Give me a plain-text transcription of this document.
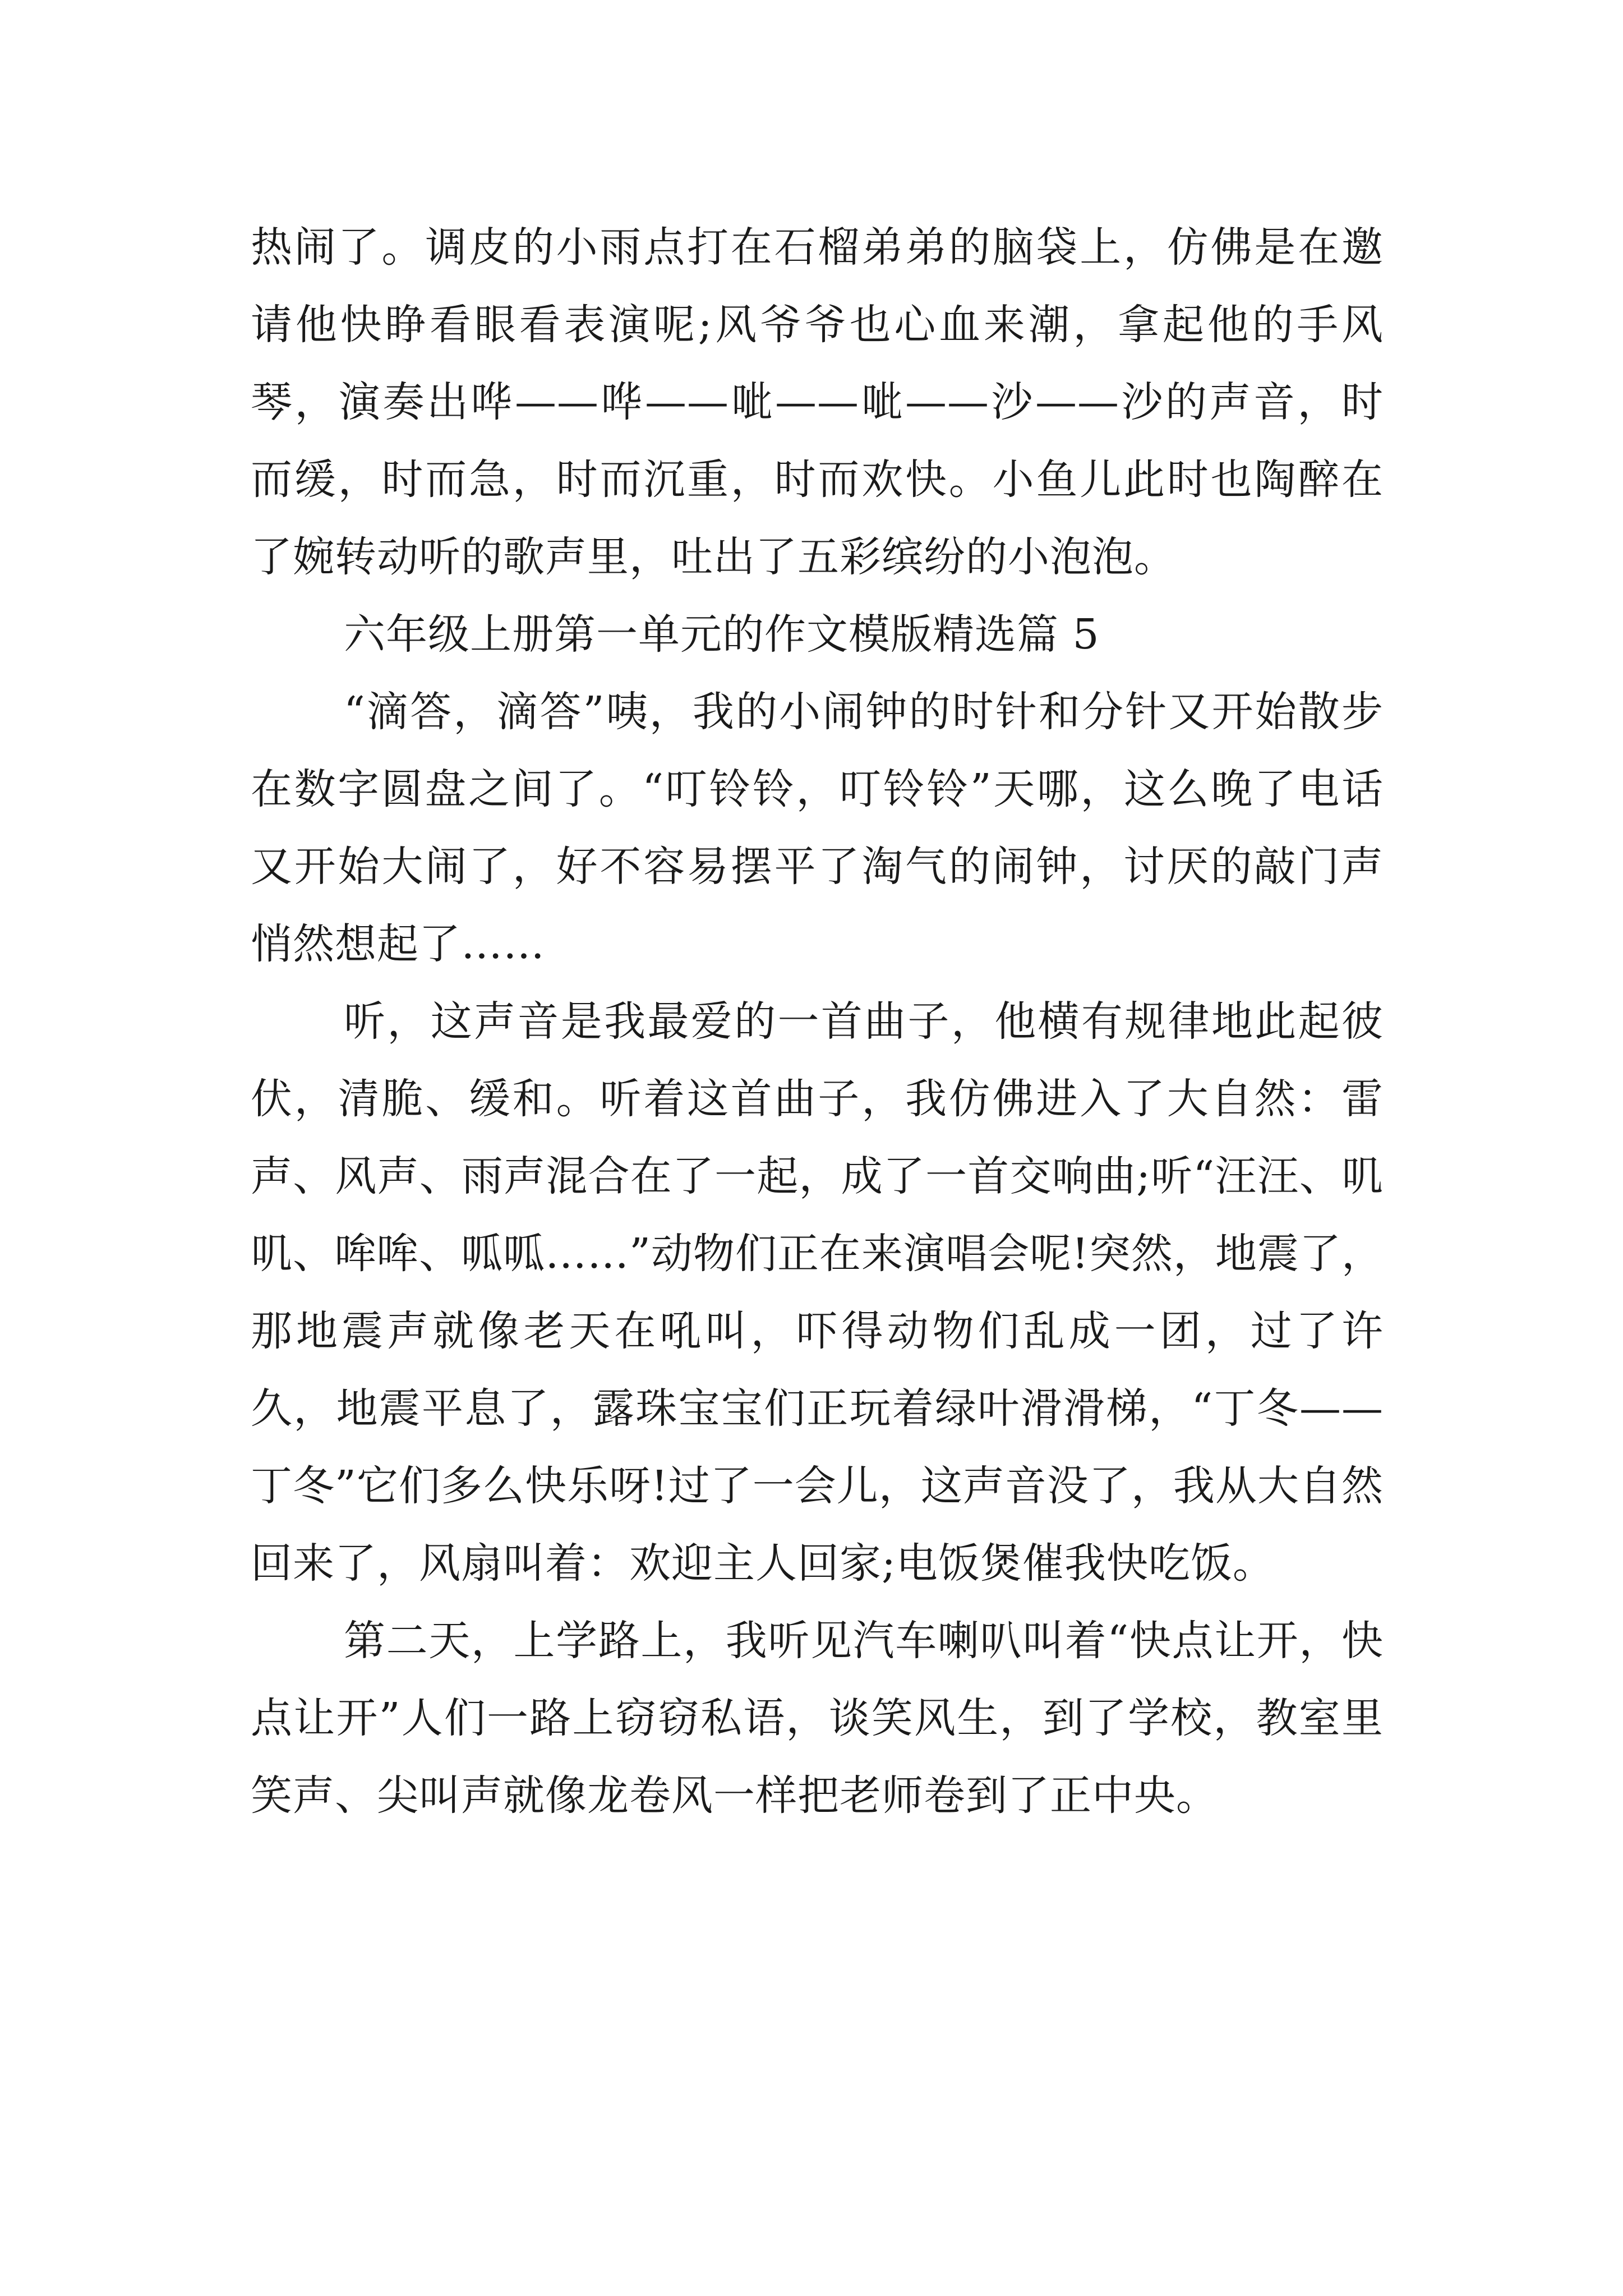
热闹了。调皮的小雨点打在石榴弟弟的脑袋上，仿佛是在邀请他快睁看眼看表演呢;风爷爷也心血来潮，拿起他的手风琴，演奏出哗——哗——呲——呲——沙——沙的声音，时而缓，时而急，时而沉重，时而欢快。小鱼儿此时也陶醉在了婉转动听的歌声里，吐出了五彩缤纷的小泡泡。

六年级上册第一单元的作文模版精选篇 5

“滴答，滴答”咦，我的小闹钟的时针和分针又开始散步在数字圆盘之间了。“叮铃铃，叮铃铃”天哪，这么晚了电话又开始大闹了，好不容易摆平了淘气的闹钟，讨厌的敲门声悄然想起了……

听，这声音是我最爱的一首曲子，他横有规律地此起彼伏，清脆、缓和。听着这首曲子，我仿佛进入了大自然：雷声、风声、雨声混合在了一起，成了一首交响曲;听“汪汪、叽叽、哞哞、呱呱……”动物们正在来演唱会呢!突然，地震了，那地震声就像老天在吼叫，吓得动物们乱成一团，过了许久，地震平息了，露珠宝宝们正玩着绿叶滑滑梯，“丁冬——丁冬”它们多么快乐呀!过了一会儿，这声音没了，我从大自然回来了，风扇叫着：欢迎主人回家;电饭煲催我快吃饭。

第二天，上学路上，我听见汽车喇叭叫着“快点让开，快点让开”人们一路上窃窃私语，谈笑风生，到了学校，教室里笑声、尖叫声就像龙卷风一样把老师卷到了正中央。
